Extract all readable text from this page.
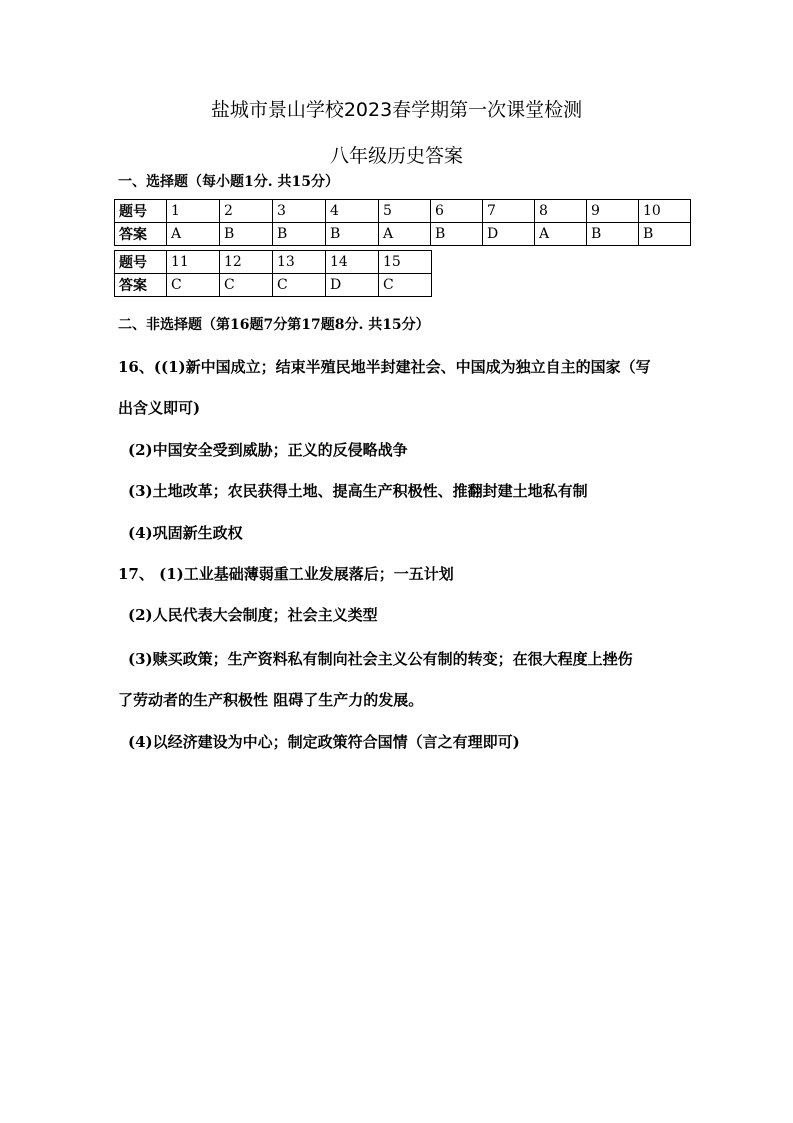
盐城市景山学校2023春学期第一次课堂检测
八年级历史答案
一、选择题（每小题1分. 共15分）
题号	1	2	3	4	5	6	7	8	9	10
答案	A	B	B	B	A	B	D	A	B	B
题号	11	12	13	14	15
答案	C	C	C	D	C
二、非选择题（第16题7分第17题8分. 共15分）
16、((1)新中国成立；结束半殖民地半封建社会、中国成为独立自主的国家（写
出含义即可)
(2)中国安全受到威胁；正义的反侵略战争
(3)土地改革；农民获得土地、提高生产积极性、推翻封建土地私有制
(4)巩固新生政权
17、 (1)工业基础薄弱重工业发展落后；一五计划
(2)人民代表大会制度；社会主义类型
(3)赎买政策；生产资料私有制向社会主义公有制的转变；在很大程度上挫伤
了劳动者的生产积极性 阻碍了生产力的发展。
(4)以经济建设为中心；制定政策符合国情（言之有理即可)
